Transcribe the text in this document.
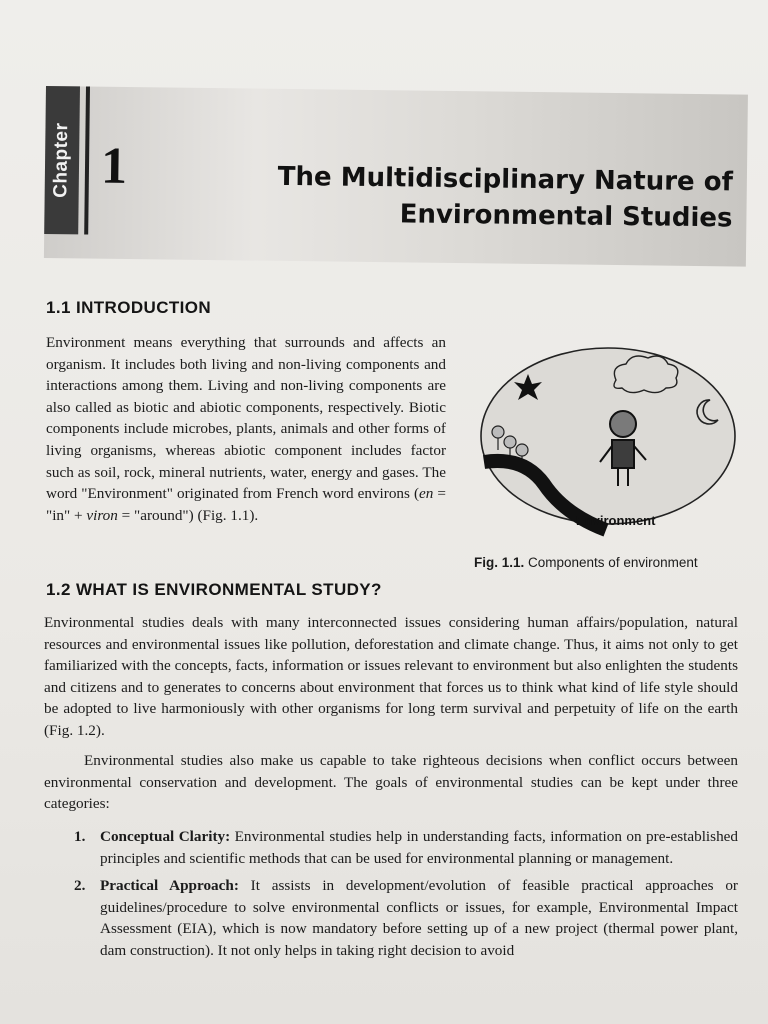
Chapter 1	The Multidisciplinary Nature of
Environmental Studies
1.1 INTRODUCTION

Environment means everything that surrounds and affects an organism. It includes both living and non-living components and interactions among them. Living and non-living components are also called as biotic and abiotic components, respectively. Biotic components include microbes, plants, animals and other forms of living organisms, whereas abiotic component includes factor such as soil, rock, mineral nutrients, water, energy and gases. The word "Environment" originated from French word environs (en = "in" + viron = "around") (Fig. 1.1).	Environment
Fig. 1.1. Components of environment
1.2 WHAT IS ENVIRONMENTAL STUDY?

Environmental studies deals with many interconnected issues considering human affairs/population, natural resources and environmental issues like pollution, deforestation and climate change. Thus, it aims not only to get familiarized with the concepts, facts, information or issues relevant to environment but also enlighten the students and citizens and to generates to concerns about environment that forces us to think what kind of life style should be adopted to live harmoniously with other organisms for long term survival and perpetuity of life on the earth (Fig. 1.2).

Environmental studies also make us capable to take righteous decisions when conflict occurs between environmental conservation and development. The goals of environmental studies can be kept under three categories:

1. Conceptual Clarity: Environmental studies help in understanding facts, information on pre-established principles and scientific methods that can be used for environmental planning or management.
2. Practical Approach: It assists in development/evolution of feasible practical approaches or guidelines/procedure to solve environmental conflicts or issues, for example, Environmental Impact Assessment (EIA), which is now mandatory before setting up of a new project (thermal power plant, dam construction). It not only helps in taking right decision to avoid
